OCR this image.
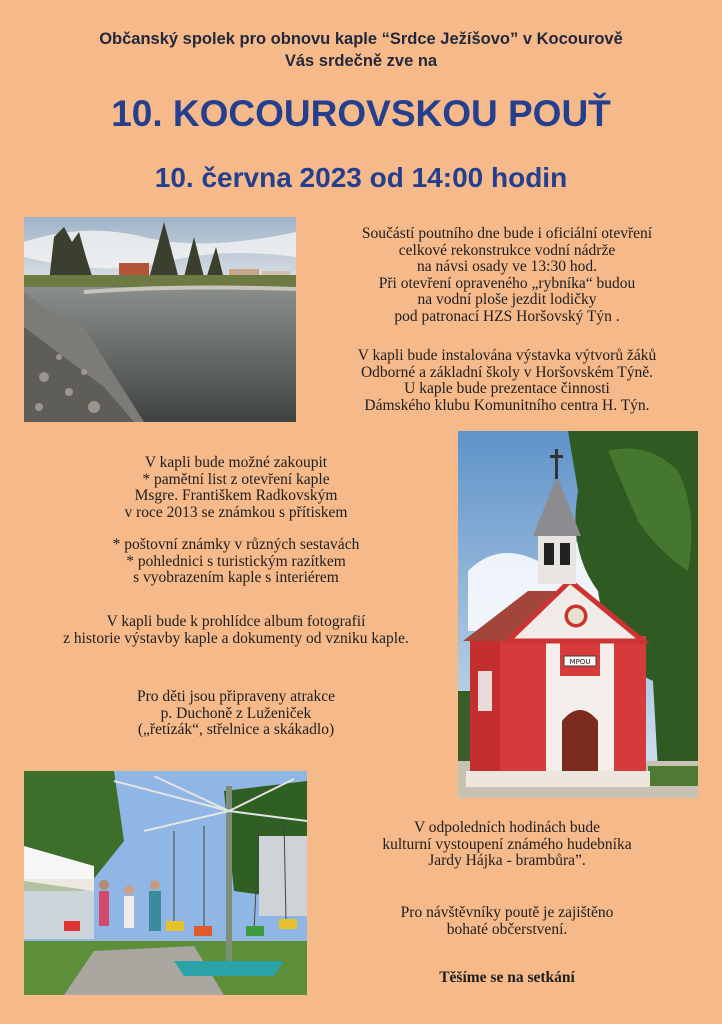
Občanský spolek pro obnovu kaple “Srdce Ježíšovo” v Kocourově
Vás srdečně zve na
10. KOCOUROVSKOU POUŤ
10. června 2023 od 14:00 hodin
Součástí poutního dne bude i oficiální otevření
celkové rekonstrukce vodní nádrže
na návsi osady ve 13:30 hod.
Při otevření opraveného „rybníka“ budou
na vodní ploše jezdit lodičky
pod patronací HZS Horšovský Týn .
V kapli bude instalována výstavka výtvorů žáků
Odborné a základní školy v Horšovském Týně.
U kaple bude prezentace činnosti
Dámského klubu Komunitního centra H. Týn.
MPOU
V kapli bude možné zakoupit
* pamětní list z otevření kaple
Msgre. Františkem Radkovským
v roce 2013 se známkou s přítiskem
* poštovní známky v různých sestavách
* pohlednici s turistickým razítkem
s vyobrazením kaple s interiérem
V kapli bude k prohlídce album fotografií
z historie výstavby kaple a dokumenty od vzniku kaple.
Pro děti jsou připraveny atrakce
p. Duchoně z Luženiček
(„řetízák“, střelnice a skákadlo)
V odpoledních hodinách bude
kulturní vystoupení známého hudebníka
Jardy Hájka - brambůra”.
Pro návštěvníky poutě je zajištěno
bohaté občerstvení.
Těšíme se na setkání
